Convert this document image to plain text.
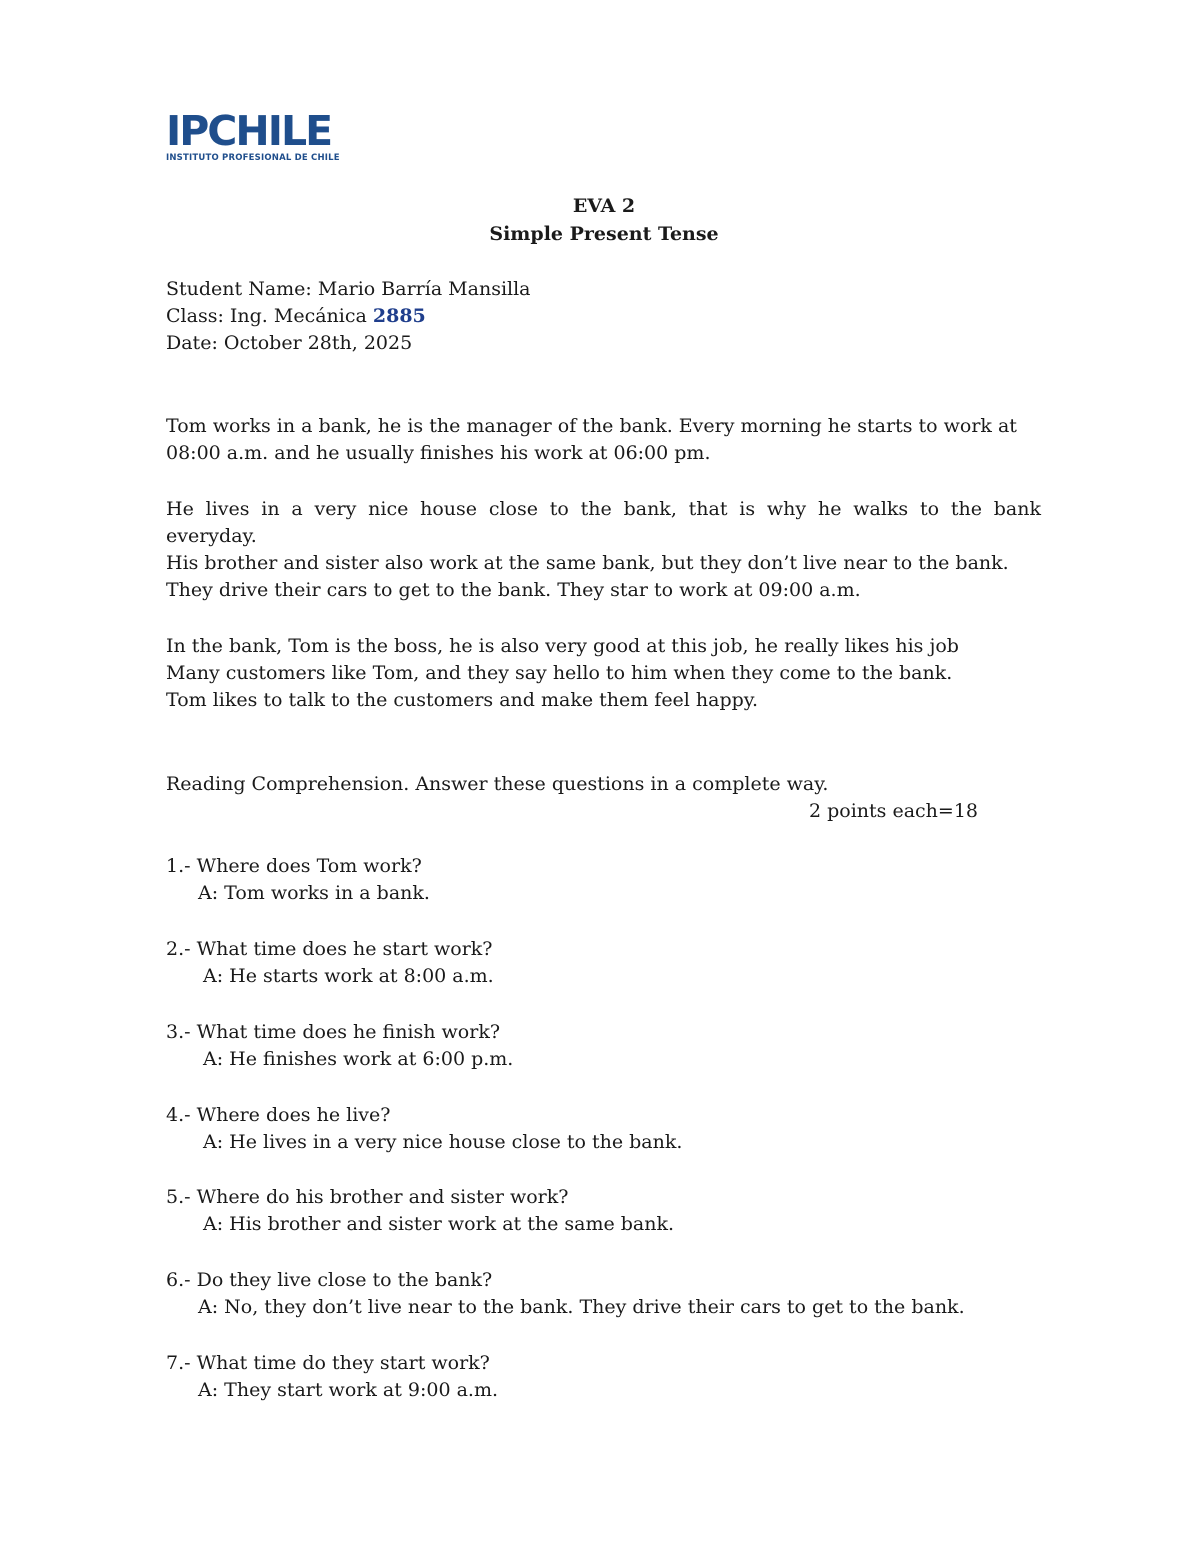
IPCHILE
INSTITUTO PROFESIONAL DE CHILE
EVA 2
Simple Present Tense
Student Name: Mario Barría Mansilla
Class: Ing. Mecánica 2885
Date: October 28th, 2025
Tom works in a bank, he is the manager of the bank. Every morning he starts to work at
08:00 a.m. and he usually finishes his work at 06:00 pm.
He lives in a very nice house close to the bank, that is why he walks to the bank
everyday.
His brother and sister also work at the same bank, but they don’t live near to the bank.
They drive their cars to get to the bank. They star to work at 09:00 a.m.
In the bank, Tom is the boss, he is also very good at this job, he really likes his job
Many customers like Tom, and they say hello to him when they come to the bank.
Tom likes to talk to the customers and make them feel happy.
Reading Comprehension. Answer these questions in a complete way.
2 points each=18
1.- Where does Tom work?
A: Tom works in a bank.
2.- What time does he start work?
A: He starts work at 8:00 a.m.
3.- What time does he finish work?
A: He finishes work at 6:00 p.m.
4.- Where does he live?
A: He lives in a very nice house close to the bank.
5.- Where do his brother and sister work?
A: His brother and sister work at the same bank.
6.- Do they live close to the bank?
A: No, they don’t live near to the bank. They drive their cars to get to the bank.
7.- What time do they start work?
A: They start work at 9:00 a.m.
